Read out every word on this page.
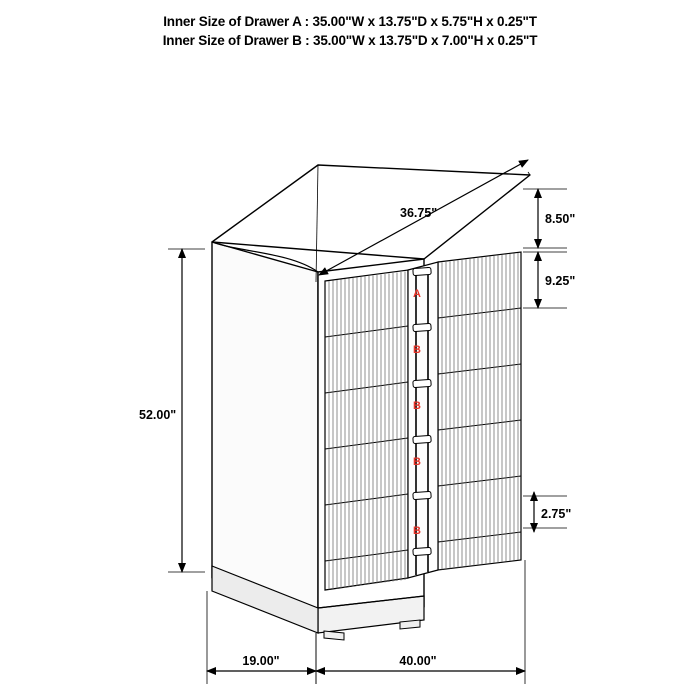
Inner Size of Drawer A : 35.00"W x 13.75"D x 5.75"H x 0.25"T
Inner Size of Drawer B : 35.00"W x 13.75"D x 7.00"H x 0.25"T
A
B
B
B
B
36.75"
52.00"
8.50"
9.25"
2.75"
19.00"	40.00"
